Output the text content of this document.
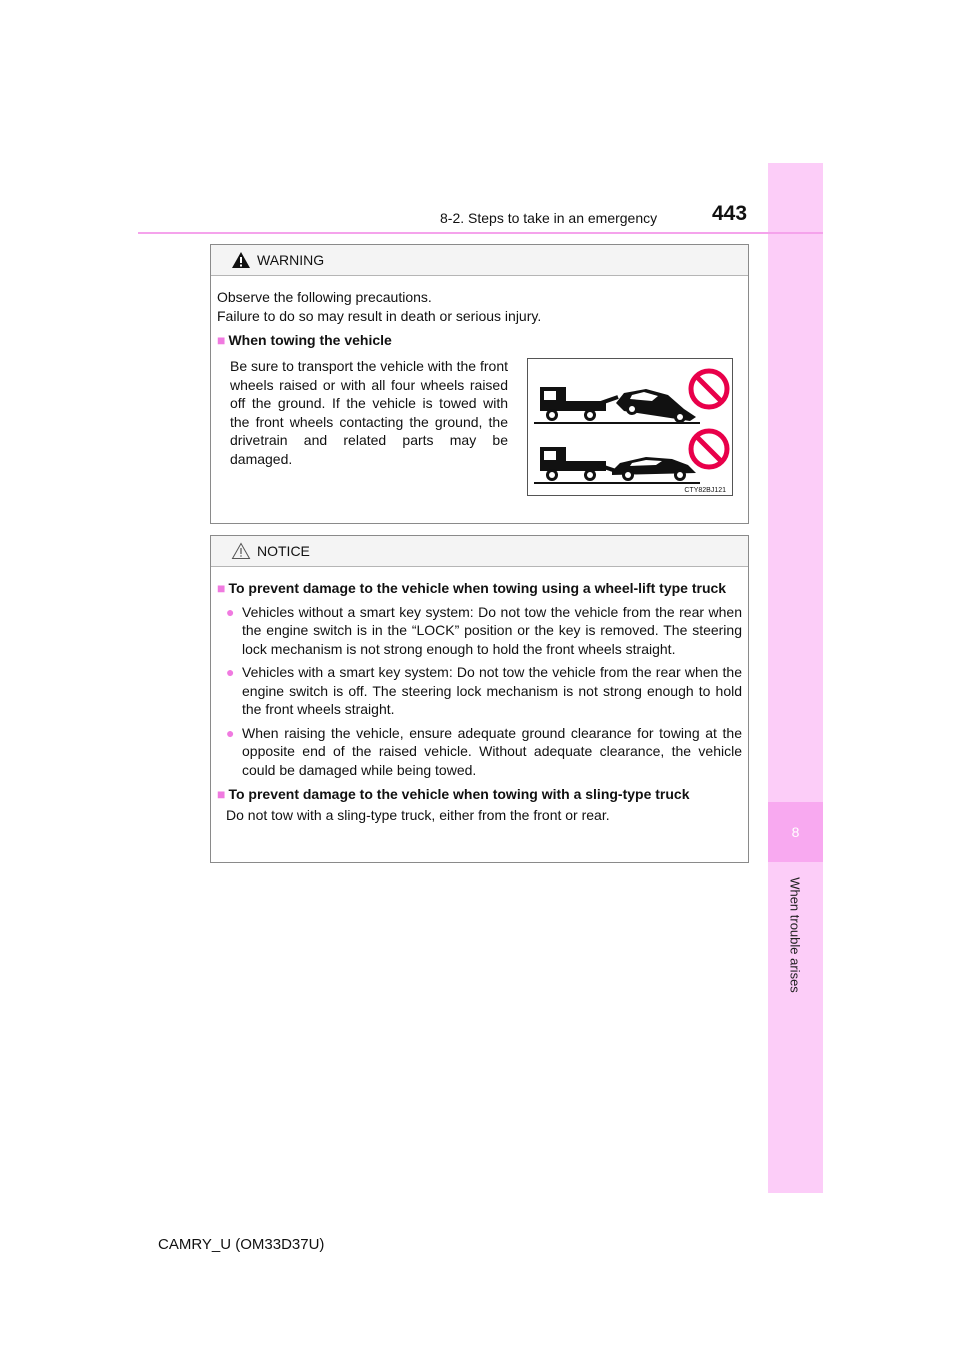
8
When trouble arises
8-2. Steps to take in an emergency	443
WARNING
Observe the following precautions.
Failure to do so may result in death or serious injury.
■ When towing the vehicle
Be sure to transport the vehicle with the front wheels raised or with all four wheels raised off the ground. If the vehicle is towed with the front wheels contacting the ground, the drivetrain and related parts may be damaged.
CTY82BJ121
NOTICE
■ To prevent damage to the vehicle when towing using a wheel-lift type truck
● Vehicles without a smart key system: Do not tow the vehicle from the rear when the engine switch is in the “LOCK” position or the key is removed. The steering lock mechanism is not strong enough to hold the front wheels straight.
● Vehicles with a smart key system: Do not tow the vehicle from the rear when the engine switch is off. The steering lock mechanism is not strong enough to hold the front wheels straight.
● When raising the vehicle, ensure adequate ground clearance for towing at the opposite end of the raised vehicle. Without adequate clearance, the vehicle could be damaged while being towed.
■ To prevent damage to the vehicle when towing with a sling-type truck
Do not tow with a sling-type truck, either from the front or rear.
CAMRY_U (OM33D37U)
